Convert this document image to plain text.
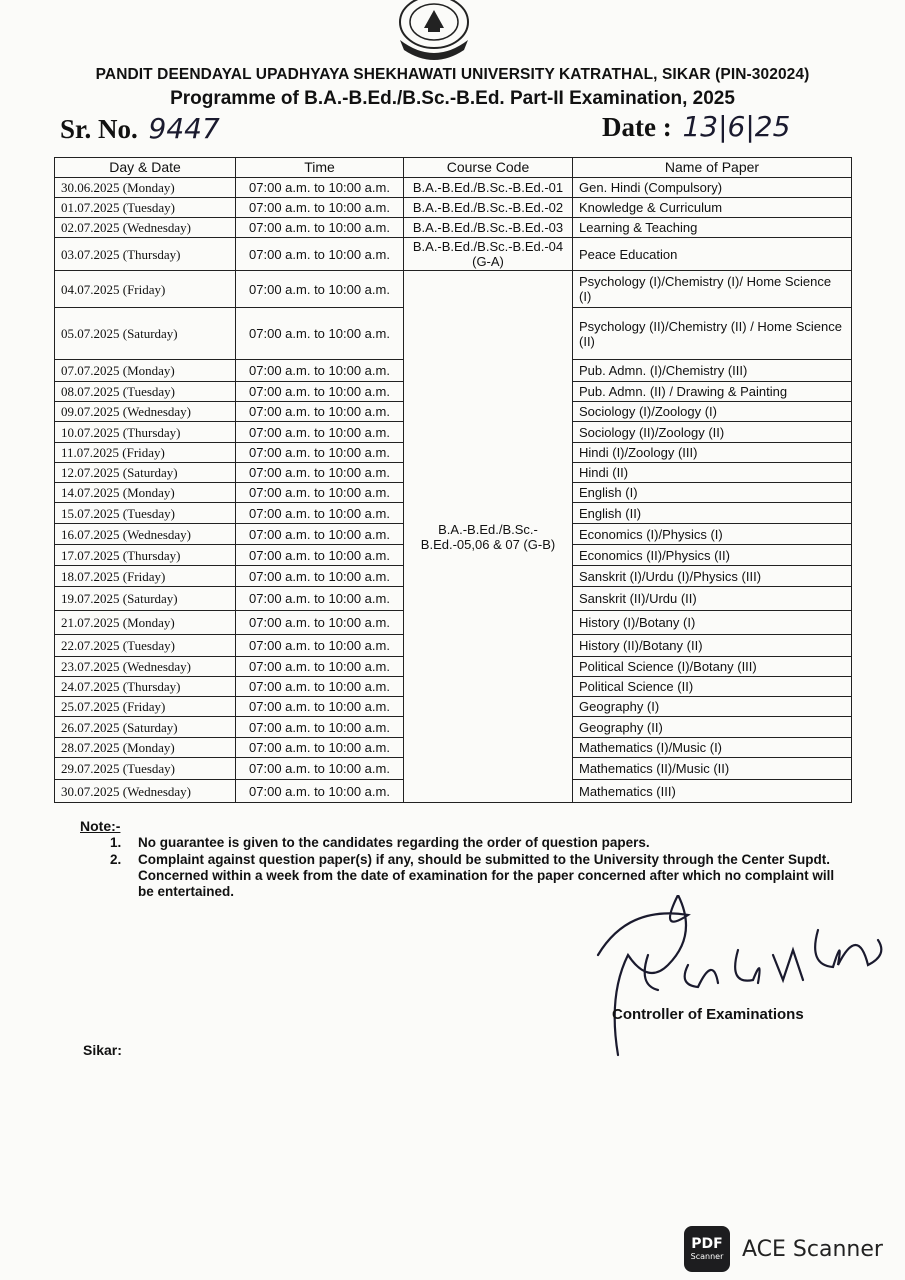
PANDIT DEENDAYAL UPADHYAYA SHEKHAWATI UNIVERSITY KATRATHAL, SIKAR (PIN-302024)
Programme of B.A.-B.Ed./B.Sc.-B.Ed. Part-II Examination, 2025
Sr. No. 9447	Date : 13|6|25
Day & Date	Time	Course Code	Name of Paper
30.06.2025 (Monday)	07:00 a.m. to 10:00 a.m.	B.A.-B.Ed./B.Sc.-B.Ed.-01	Gen. Hindi (Compulsory)
01.07.2025 (Tuesday)	07:00 a.m. to 10:00 a.m.	B.A.-B.Ed./B.Sc.-B.Ed.-02	Knowledge & Curriculum
02.07.2025 (Wednesday)	07:00 a.m. to 10:00 a.m.	B.A.-B.Ed./B.Sc.-B.Ed.-03	Learning & Teaching
03.07.2025 (Thursday)	07:00 a.m. to 10:00 a.m.	B.A.-B.Ed./B.Sc.-B.Ed.-04 (G-A)	Peace Education
04.07.2025 (Friday)	07:00 a.m. to 10:00 a.m.	B.A.-B.Ed./B.Sc.-B.Ed.-05,06 & 07 (G-B)	Psychology (I)/Chemistry (I)/ Home Science (I)
05.07.2025 (Saturday)	07:00 a.m. to 10:00 a.m.		Psychology (II)/Chemistry (II) / Home Science (II)
07.07.2025 (Monday)	07:00 a.m. to 10:00 a.m.		Pub. Admn. (I)/Chemistry (III)
08.07.2025 (Tuesday)	07:00 a.m. to 10:00 a.m.		Pub. Admn. (II) / Drawing & Painting
09.07.2025 (Wednesday)	07:00 a.m. to 10:00 a.m.		Sociology (I)/Zoology (I)
10.07.2025 (Thursday)	07:00 a.m. to 10:00 a.m.		Sociology (II)/Zoology (II)
11.07.2025 (Friday)	07:00 a.m. to 10:00 a.m.		Hindi (I)/Zoology (III)
12.07.2025 (Saturday)	07:00 a.m. to 10:00 a.m.		Hindi (II)
14.07.2025 (Monday)	07:00 a.m. to 10:00 a.m.		English (I)
15.07.2025 (Tuesday)	07:00 a.m. to 10:00 a.m.		English (II)
16.07.2025 (Wednesday)	07:00 a.m. to 10:00 a.m.		Economics (I)/Physics (I)
17.07.2025 (Thursday)	07:00 a.m. to 10:00 a.m.		Economics (II)/Physics (II)
18.07.2025 (Friday)	07:00 a.m. to 10:00 a.m.		Sanskrit (I)/Urdu (I)/Physics (III)
19.07.2025 (Saturday)	07:00 a.m. to 10:00 a.m.		Sanskrit (II)/Urdu (II)
21.07.2025 (Monday)	07:00 a.m. to 10:00 a.m.		History (I)/Botany (I)
22.07.2025 (Tuesday)	07:00 a.m. to 10:00 a.m.		History (II)/Botany (II)
23.07.2025 (Wednesday)	07:00 a.m. to 10:00 a.m.		Political Science (I)/Botany (III)
24.07.2025 (Thursday)	07:00 a.m. to 10:00 a.m.		Political Science (II)
25.07.2025 (Friday)	07:00 a.m. to 10:00 a.m.		Geography (I)
26.07.2025 (Saturday)	07:00 a.m. to 10:00 a.m.		Geography (II)
28.07.2025 (Monday)	07:00 a.m. to 10:00 a.m.		Mathematics (I)/Music (I)
29.07.2025 (Tuesday)	07:00 a.m. to 10:00 a.m.		Mathematics (II)/Music (II)
30.07.2025 (Wednesday)	07:00 a.m. to 10:00 a.m.		Mathematics (III)
Note:-
1.	No guarantee is given to the candidates regarding the order of question papers.
2.	Complaint against question paper(s) if any, should be submitted to the University through the Center Supdt. Concerned within a week from the date of examination for the paper concerned after which no complaint will be entertained.
Controller of Examinations
Sikar:
PDF
Scanner ACE Scanner
